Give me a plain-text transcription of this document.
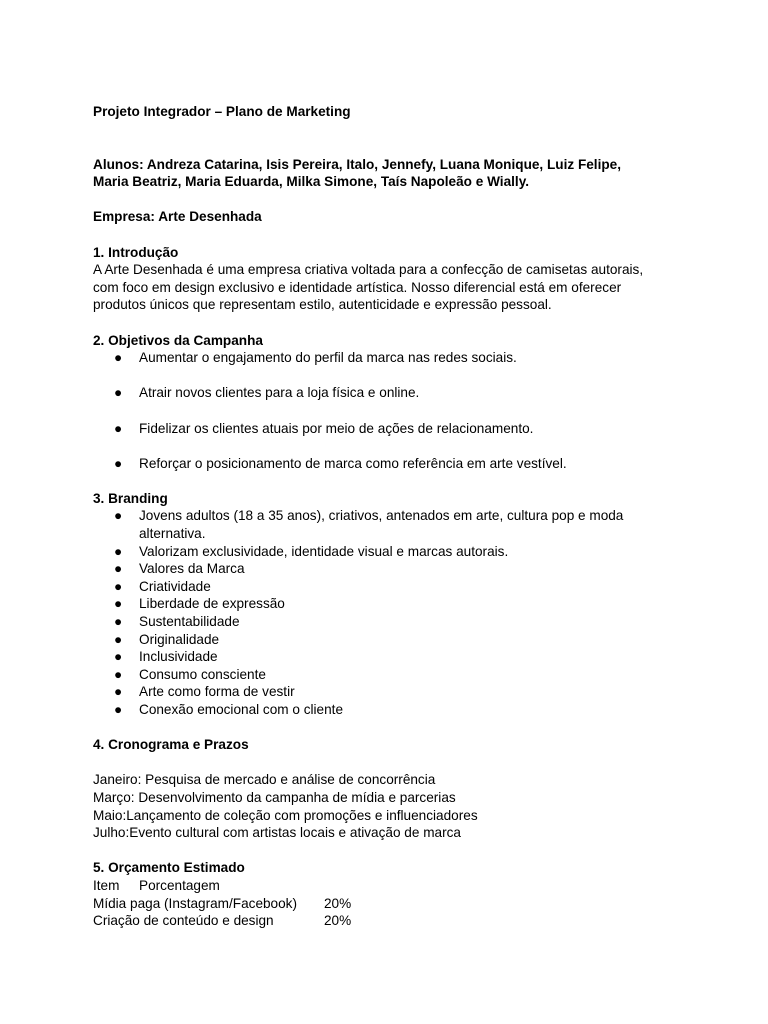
Projeto Integrador – Plano de Marketing

Alunos: Andreza Catarina, Isis Pereira, Italo, Jennefy, Luana Monique, Luiz Felipe,

Maria Beatriz, Maria Eduarda, Milka Simone, Taís Napoleão e Wially.

Empresa: Arte Desenhada

1. Introdução

A Arte Desenhada é uma empresa criativa voltada para a confecção de camisetas autorais,

com foco em design exclusivo e identidade artística. Nosso diferencial está em oferecer

produtos únicos que representam estilo, autenticidade e expressão pessoal.

2. Objetivos da Campanha

● Aumentar o engajamento do perfil da marca nas redes sociais.
● Atrair novos clientes para a loja física e online.
● Fidelizar os clientes atuais por meio de ações de relacionamento.
● Reforçar o posicionamento de marca como referência em arte vestível.

3. Branding

● Jovens adultos (18 a 35 anos), criativos, antenados em arte, cultura pop e moda
alternativa.
● Valorizam exclusividade, identidade visual e marcas autorais.
● Valores da Marca
● Criatividade
● Liberdade de expressão
● Sustentabilidade
● Originalidade
● Inclusividade
● Consumo consciente
● Arte como forma de vestir
● Conexão emocional com o cliente

4. Cronograma e Prazos

Janeiro: Pesquisa de mercado e análise de concorrência

Março: Desenvolvimento da campanha de mídia e parcerias

Maio:Lançamento de coleção com promoções e influenciadores

Julho:Evento cultural com artistas locais e ativação de marca

5. Orçamento Estimado

Item	Porcentagem
Mídia paga (Instagram/Facebook)	20%
Criação de conteúdo e design	20%
